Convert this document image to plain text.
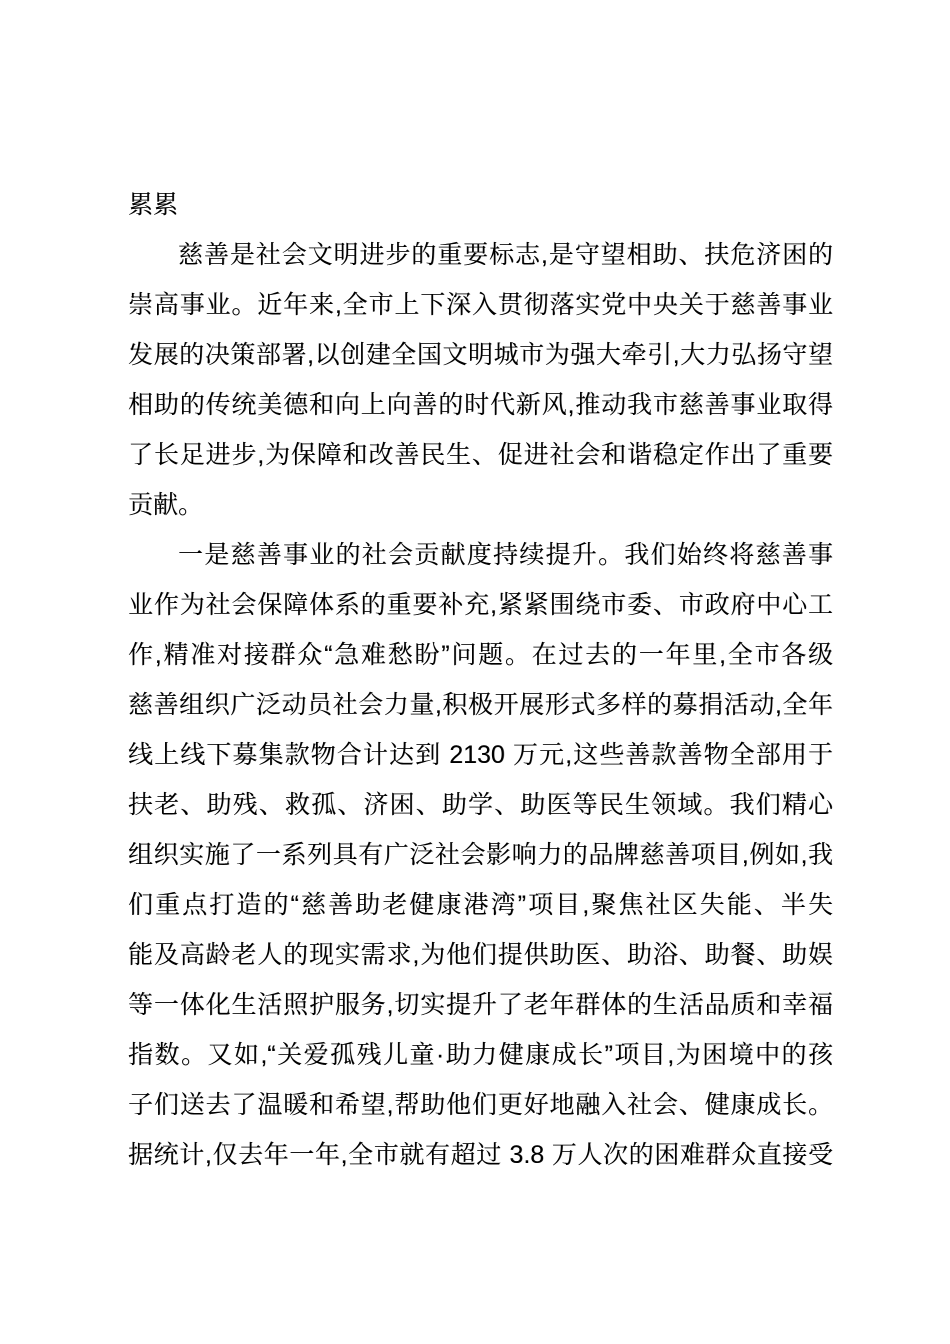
累累
慈善是社会文明进步的重要标志,是守望相助、扶危济困的
崇高事业。近年来,全市上下深入贯彻落实党中央关于慈善事业
发展的决策部署,以创建全国文明城市为强大牵引,大力弘扬守望
相助的传统美德和向上向善的时代新风,推动我市慈善事业取得
了长足进步,为保障和改善民生、促进社会和谐稳定作出了重要
贡献。
一是慈善事业的社会贡献度持续提升。我们始终将慈善事
业作为社会保障体系的重要补充,紧紧围绕市委、市政府中心工
作,精准对接群众“急难愁盼”问题。在过去的一年里,全市各级
慈善组织广泛动员社会力量,积极开展形式多样的募捐活动,全年
线上线下募集款物合计达到 2130 万元,这些善款善物全部用于
扶老、助残、救孤、济困、助学、助医等民生领域。我们精心
组织实施了一系列具有广泛社会影响力的品牌慈善项目,例如,我
们重点打造的“慈善助老健康港湾”项目,聚焦社区失能、半失
能及高龄老人的现实需求,为他们提供助医、助浴、助餐、助娱
等一体化生活照护服务,切实提升了老年群体的生活品质和幸福
指数。又如,“关爱孤残儿童·助力健康成长”项目,为困境中的孩
子们送去了温暖和希望,帮助他们更好地融入社会、健康成长。
据统计,仅去年一年,全市就有超过 3.8 万人次的困难群众直接受
